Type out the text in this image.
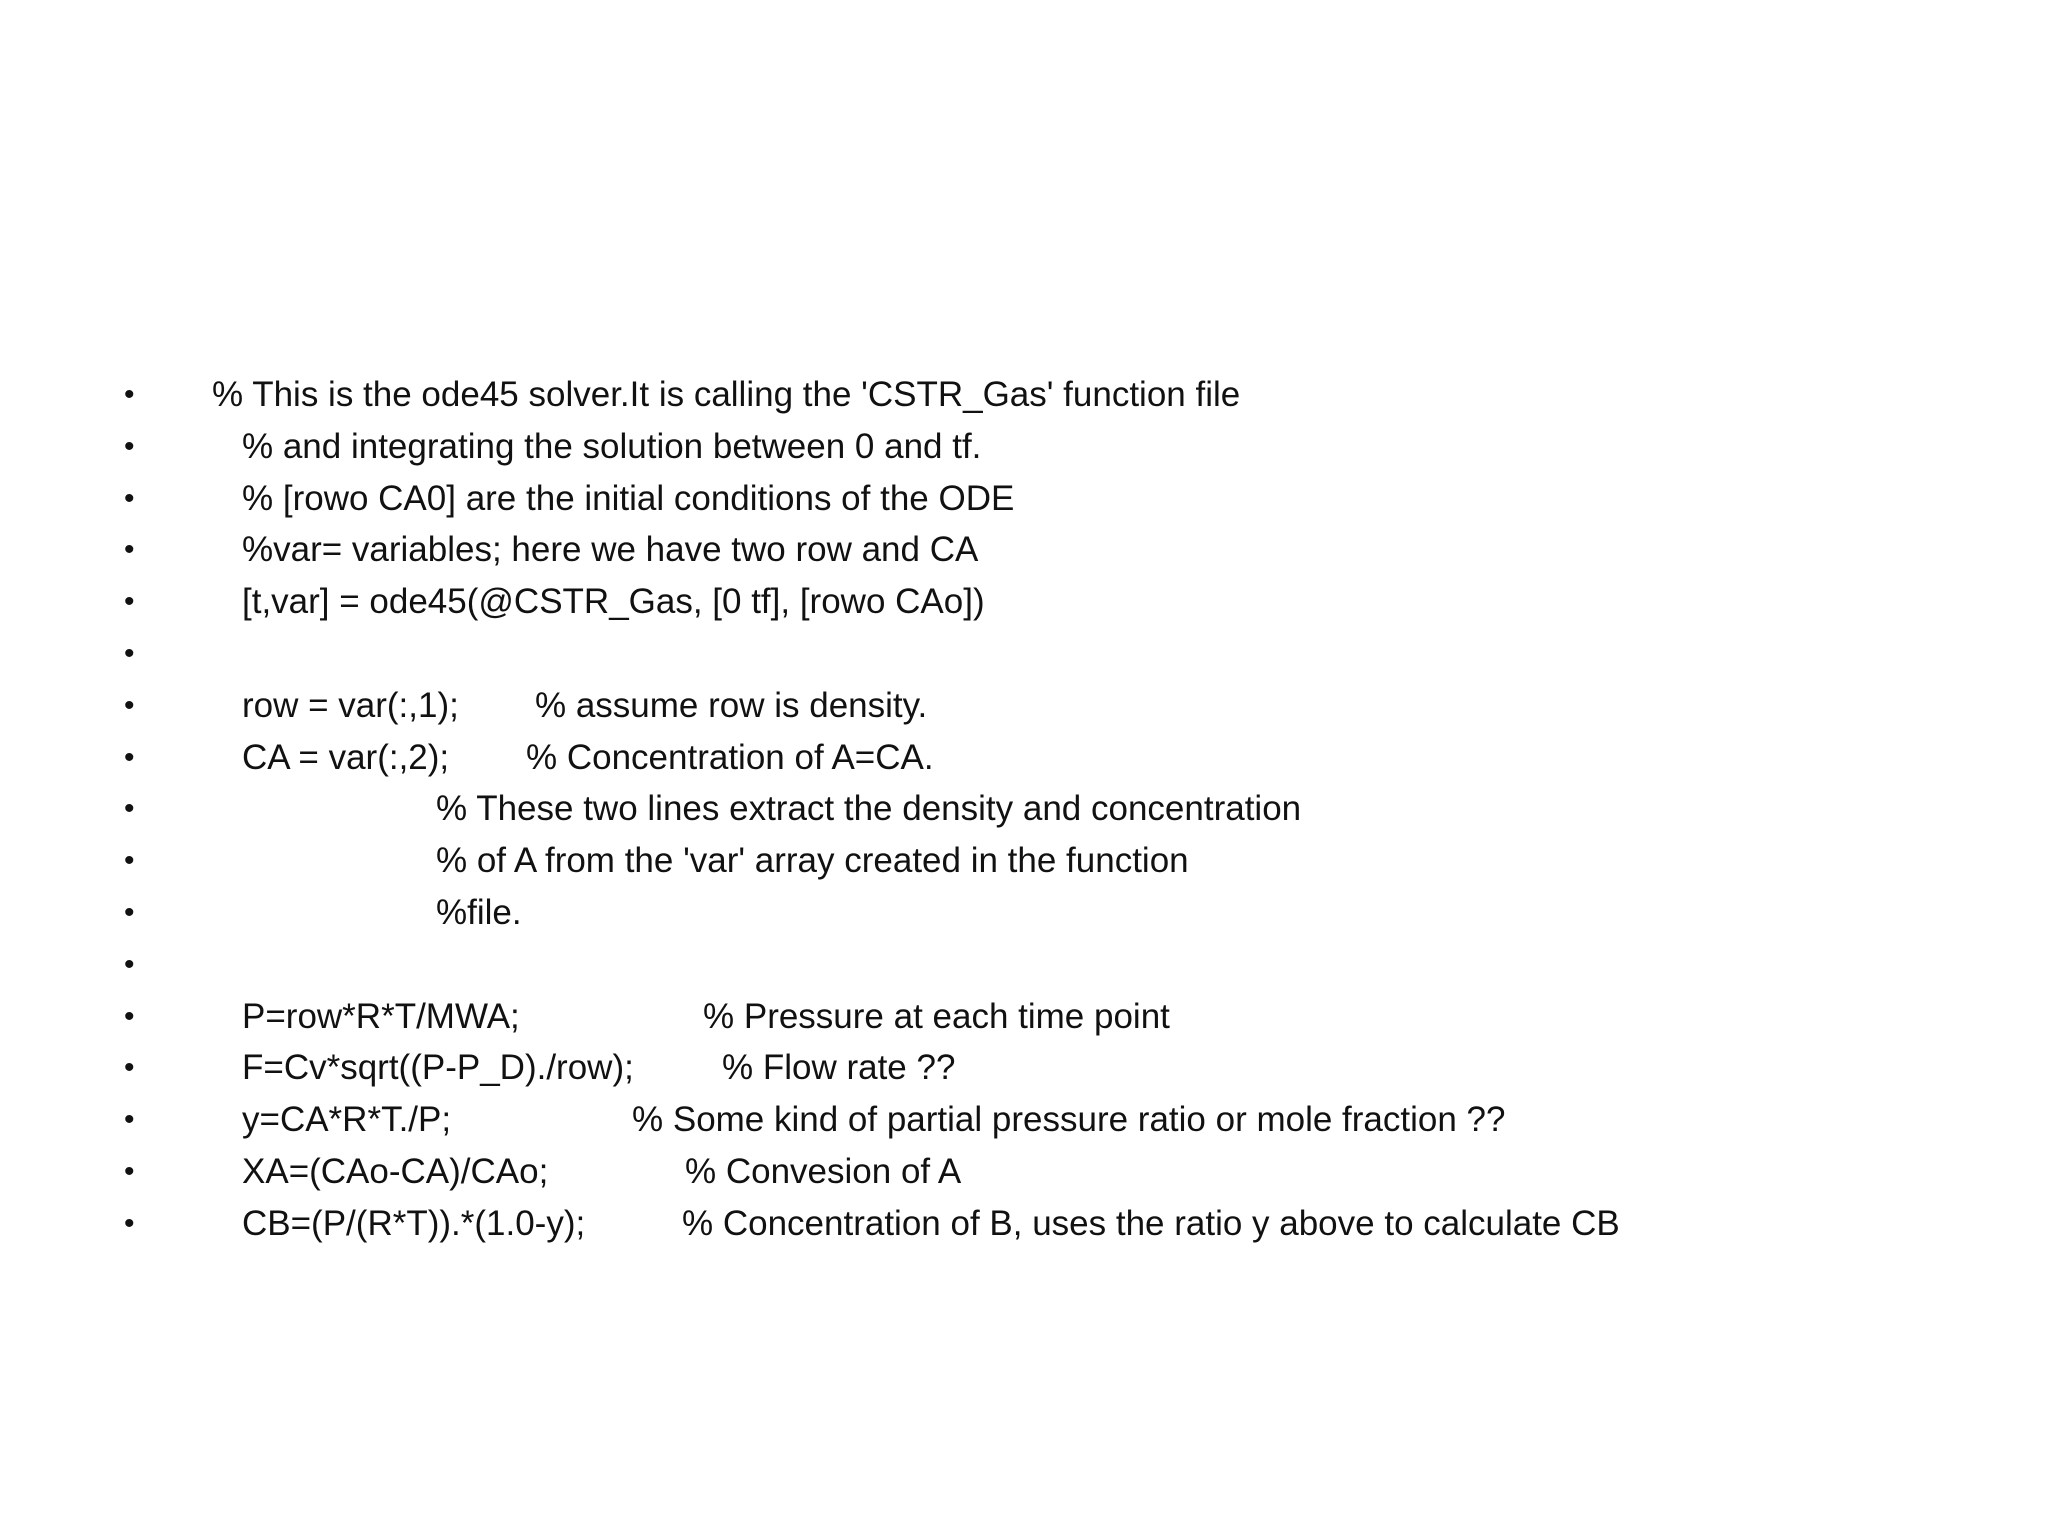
• % This is the ode45 solver.It is calling the 'CSTR_Gas' function file
•	% and integrating the solution between 0 and tf.
•	% [rowo CA0] are the initial conditions of the ODE
•	%var= variables; here we have two row and CA
•	[t,var] = ode45(@CSTR_Gas, [0 tf], [rowo CAo])
•
•	row = var(:,1); % assume row is density.
•	CA = var(:,2); % Concentration of A=CA.
•	% These two lines extract the density and concentration
•	% of A from the 'var' array created in the function
•	%file.
•
•	P=row*R*T/MWA;	% Pressure at each time point
•	F=Cv*sqrt((P-P_D)./row);	% Flow rate ??
•	y=CA*R*T./P;	% Some kind of partial pressure ratio or mole fraction ??
•	XA=(CAo-CA)/CAo;	% Convesion of A
•	CB=(P/(R*T)).*(1.0-y);	% Concentration of B, uses the ratio y above to calculate CB
